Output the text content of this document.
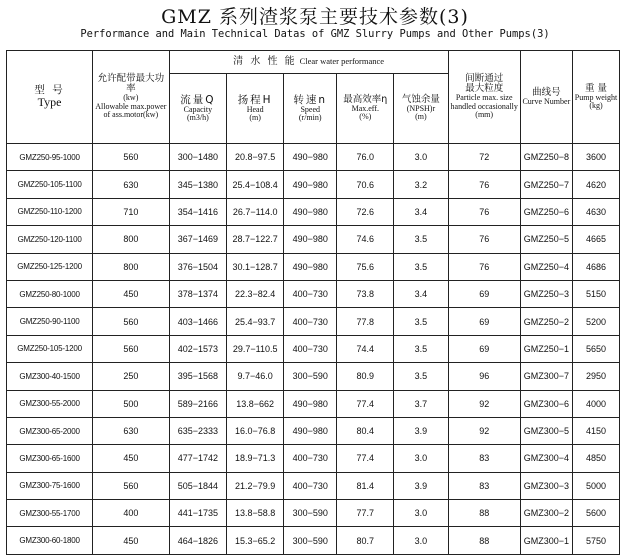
GMZ 系列渣浆泵主要技术参数(3)
Performance and Main Technical Datas of GMZ Slurry Pumps and Other Pumps(3)
型 号
Type	允许配带最大功率
(kw)
Allowable max.power of ass.motor(kw)	清 水 性 能 Clear water performance					间断通过
最大粒度
Particle max. size handled occasionally
(mm)	曲线号
Curve Number	重 量
Pump weight
(kg)

		流量Q
Capacity
(m3/h)	扬程H
Head
(m)	转速n
Speed
(r/min)	最高效率η
Max.eff.
(%)	气蚀余量
(NPSH)r
(m)			

GMZ250-95-1000	560	300−1480	20.8−97.5	490−980	76.0	3.0	72	GMZ250−8	3600
GMZ250-105-1100	630	345−1380	25.4−108.4	490−980	70.6	3.2	76	GMZ250−7	4620
GMZ250-110-1200	710	354−1416	26.7−114.0	490−980	72.6	3.4	76	GMZ250−6	4630
GMZ250-120-1100	800	367−1469	28.7−122.7	490−980	74.6	3.5	76	GMZ250−5	4665
GMZ250-125-1200	800	376−1504	30.1−128.7	490−980	75.6	3.5	76	GMZ250−4	4686
GMZ250-80-1000	450	378−1374	22.3−82.4	400−730	73.8	3.4	69	GMZ250−3	5150
GMZ250-90-1100	560	403−1466	25.4−93.7	400−730	77.8	3.5	69	GMZ250−2	5200
GMZ250-105-1200	560	402−1573	29.7−110.5	400−730	74.4	3.5	69	GMZ250−1	5650
GMZ300-40-1500	250	395−1568	9.7−46.0	300−590	80.9	3.5	96	GMZ300−7	2950
GMZ300-55-2000	500	589−2166	13.8−662	490−980	77.4	3.7	92	GMZ300−6	4000
GMZ300-65-2000	630	635−2333	16.0−76.8	490−980	80.4	3.9	92	GMZ300−5	4150
GMZ300-65-1600	450	477−1742	18.9−71.3	400−730	77.4	3.0	83	GMZ300−4	4850
GMZ300-75-1600	560	505−1844	21.2−79.9	400−730	81.4	3.9	83	GMZ300−3	5000
GMZ300-55-1700	400	441−1735	13.8−58.8	300−590	77.7	3.0	88	GMZ300−2	5600
GMZ300-60-1800	450	464−1826	15.3−65.2	300−590	80.7	3.0	88	GMZ300−1	5750
